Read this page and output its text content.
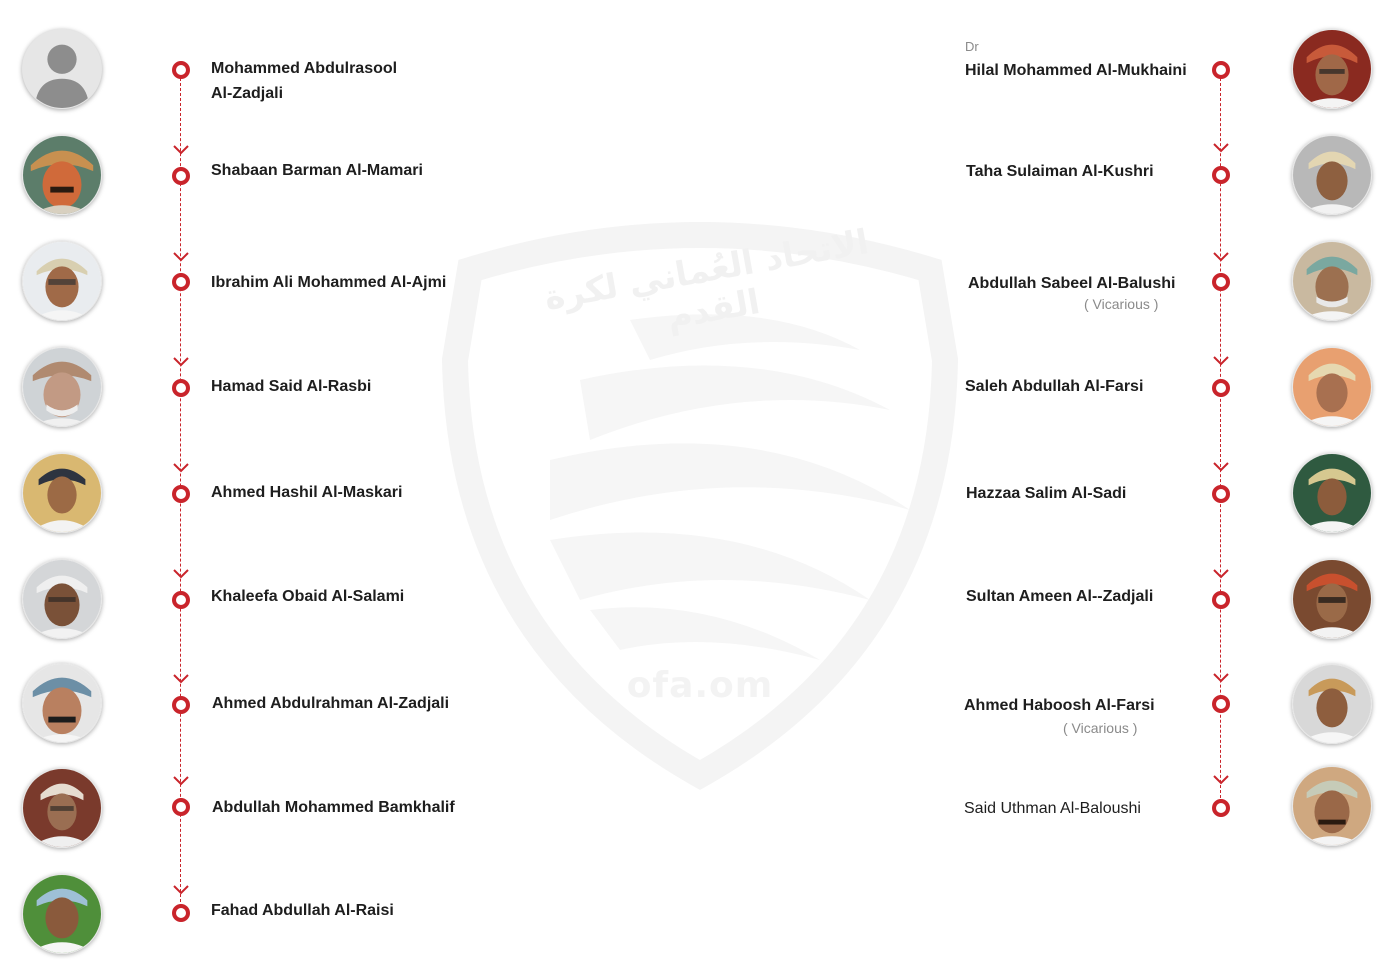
الاتحاد العُماني لكرة القدم
ofa.om
Mohammed Abdulrasool
Al-Zadjali
Shabaan Barman Al-Mamari
Ibrahim Ali Mohammed Al-Ajmi
Hamad Said Al-Rasbi
Ahmed Hashil Al-Maskari
Khaleefa Obaid Al-Salami
Ahmed Abdulrahman Al-Zadjali
Abdullah Mohammed Bamkhalif
Fahad Abdullah Al-Raisi
Dr
Hilal Mohammed Al-Mukhaini
Taha Sulaiman Al-Kushri
Abdullah Sabeel Al-Balushi
( Vicarious )
Saleh Abdullah Al-Farsi
Hazzaa Salim Al-Sadi
Sultan Ameen Al--Zadjali
Ahmed Haboosh Al-Farsi
( Vicarious )
Said Uthman Al-Baloushi
